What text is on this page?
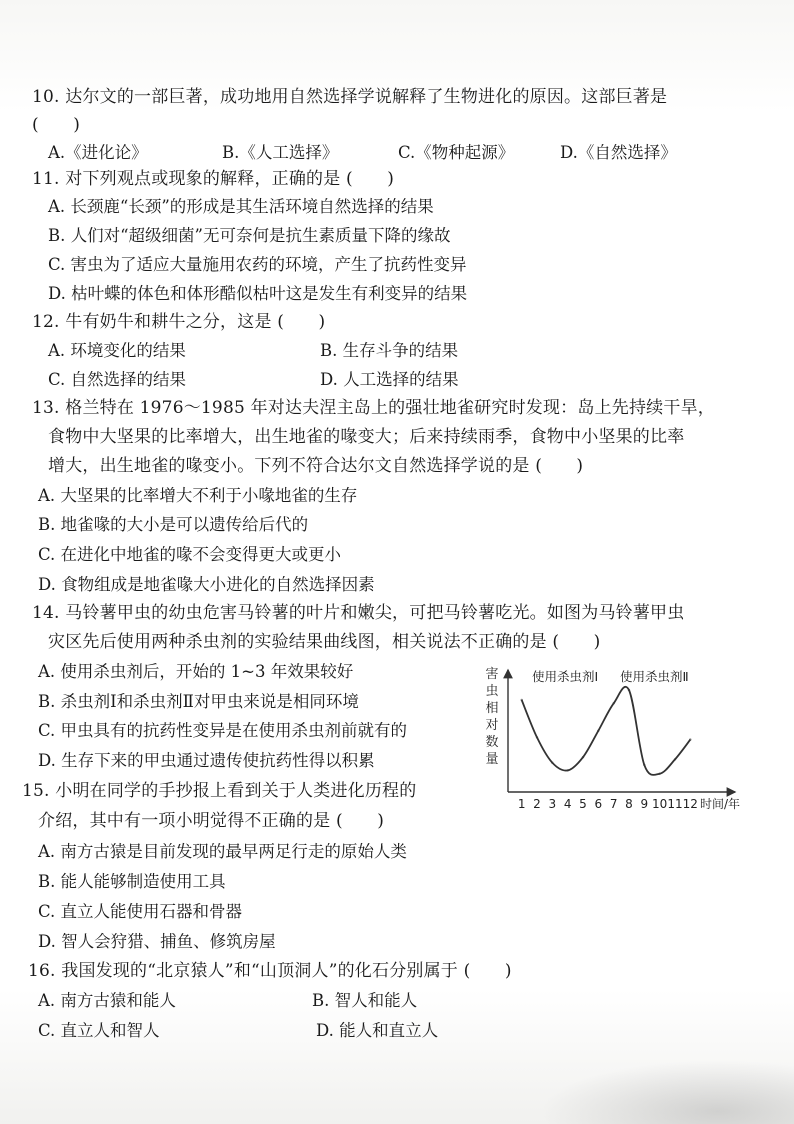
10. 达尔文的一部巨著，成功地用自然选择学说解释了生物进化的原因。这部巨著是
(　　)
A.《进化论》	B.《人工选择》	C.《物种起源》	D.《自然选择》
11. 对下列观点或现象的解释，正确的是 (　　)
A. 长颈鹿“长颈”的形成是其生活环境自然选择的结果
B. 人们对“超级细菌”无可奈何是抗生素质量下降的缘故
C. 害虫为了适应大量施用农药的环境，产生了抗药性变异
D. 枯叶蝶的体色和体形酷似枯叶这是发生有利变异的结果
12. 牛有奶牛和耕牛之分，这是 (　　)
A. 环境变化的结果	B. 生存斗争的结果
C. 自然选择的结果	D. 人工选择的结果
13. 格兰特在 1976～1985 年对达夫涅主岛上的强壮地雀研究时发现：岛上先持续干旱，
食物中大坚果的比率增大，出生地雀的喙变大；后来持续雨季，食物中小坚果的比率
增大，出生地雀的喙变小。下列不符合达尔文自然选择学说的是 (　　)
A. 大坚果的比率增大不利于小喙地雀的生存
B. 地雀喙的大小是可以遗传给后代的
C. 在进化中地雀的喙不会变得更大或更小
D. 食物组成是地雀喙大小进化的自然选择因素
14. 马铃薯甲虫的幼虫危害马铃薯的叶片和嫩尖，可把马铃薯吃光。如图为马铃薯甲虫
灾区先后使用两种杀虫剂的实验结果曲线图，相关说法不正确的是 (　　)
A. 使用杀虫剂后，开始的 1~3 年效果较好
B. 杀虫剂Ⅰ和杀虫剂Ⅱ对甲虫来说是相同环境
C. 甲虫具有的抗药性变异是在使用杀虫剂前就有的
D. 生存下来的甲虫通过遗传使抗药性得以积累
害虫相对数量
使用杀虫剂Ⅰ 使用杀虫剂Ⅱ
1 2 3 4 5 6 7 8 9 10 11 12 时间/年
15. 小明在同学的手抄报上看到关于人类进化历程的
介绍，其中有一项小明觉得不正确的是 (　　)
A. 南方古猿是目前发现的最早两足行走的原始人类
B. 能人能够制造使用工具
C. 直立人能使用石器和骨器
D. 智人会狩猎、捕鱼、修筑房屋
16. 我国发现的“北京猿人”和“山顶洞人”的化石分别属于 (　　)
A. 南方古猿和能人	B. 智人和能人
C. 直立人和智人	D. 能人和直立人
